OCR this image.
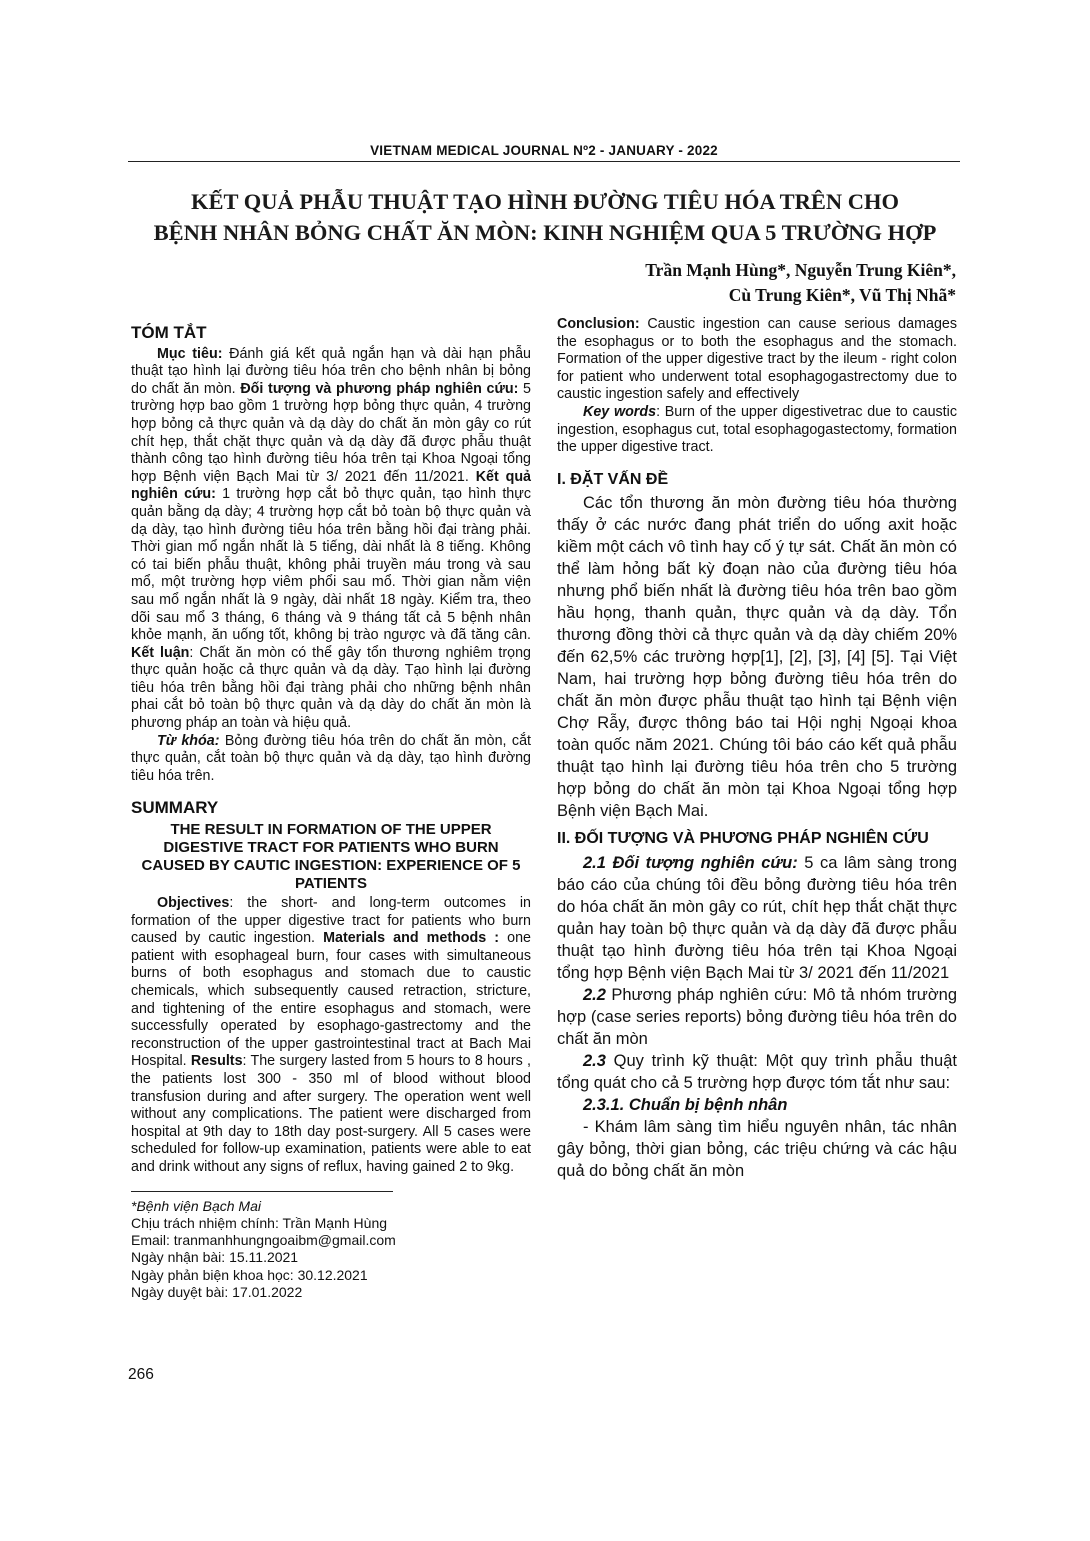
VIETNAM MEDICAL JOURNAL Nº2 - JANUARY - 2022
KẾT QUẢ PHẪU THUẬT TẠO HÌNH ĐƯỜNG TIÊU HÓA TRÊN CHO
BỆNH NHÂN BỎNG CHẤT ĂN MÒN: KINH NGHIỆM QUA 5 TRƯỜNG HỢP
Trần Mạnh Hùng*, Nguyễn Trung Kiên*,
Cù Trung Kiên*, Vũ Thị Nhã*
TÓM TẮT

Mục tiêu: Đánh giá kết quả ngắn hạn và dài hạn phẫu thuật tạo hình lại đường tiêu hóa trên cho bệnh nhân bị bỏng do chất ăn mòn. Đối tượng và phương pháp nghiên cứu: 5 trường hợp bao gồm 1 trường hợp bỏng thực quản, 4 trường hợp bỏng cả thực quản và dạ dày do chất ăn mòn gây co rút chít hẹp, thắt chặt thực quản và dạ dày đã được phẫu thuật thành công tạo hình đường tiêu hóa trên tại Khoa Ngoại tổng hợp Bệnh viện Bạch Mai từ 3/ 2021 đến 11/2021. Kết quả nghiên cứu: 1 trường hợp cắt bỏ thực quản, tạo hình thực quản bằng dạ dày; 4 trường hợp cắt bỏ toàn bộ thực quản và dạ dày, tạo hình đường tiêu hóa trên bằng hồi đại tràng phải. Thời gian mổ ngắn nhất là 5 tiếng, dài nhất là 8 tiếng. Không có tai biến phẫu thuật, không phải truyền máu trong và sau mổ, một trường hợp viêm phổi sau mổ. Thời gian nằm viện sau mổ ngắn nhất là 9 ngày, dài nhất 18 ngày. Kiểm tra, theo dõi sau mổ 3 tháng, 6 tháng và 9 tháng tất cả 5 bệnh nhân khỏe mạnh, ăn uống tốt, không bị trào ngược và đã tăng cân. Kết luận: Chất ăn mòn có thể gây tổn thương nghiêm trọng thực quản hoặc cả thực quản và dạ dày. Tạo hình lại đường tiêu hóa trên bằng hồi đại tràng phải cho những bệnh nhân phai cắt bỏ toàn bộ thực quản và dạ dày do chất ăn mòn là phương pháp an toàn và hiệu quả.

Từ khóa: Bỏng đường tiêu hóa trên do chất ăn mòn, cắt thực quản, cắt toàn bộ thực quản và dạ dày, tạo hình đường tiêu hóa trên.

SUMMARY
THE RESULT IN FORMATION OF THE UPPER DIGESTIVE TRACT FOR PATIENTS WHO BURN CAUSED BY CAUTIC INGESTION: EXPERIENCE OF 5 PATIENTS

Objectives: the short- and long-term outcomes in formation of the upper digestive tract for patients who burn caused by cautic ingestion. Materials and methods : one patient with esophageal burn, four cases with simultaneous burns of both esophagus and stomach due to caustic chemicals, which subsequently caused retraction, stricture, and tightening of the entire esophagus and stomach, were successfully operated by esophago-gastrectomy and the reconstruction of the upper gastrointestinal tract at Bach Mai Hospital. Results: The surgery lasted from 5 hours to 8 hours , the patients lost 300 - 350 ml of blood without blood transfusion during and after surgery. The operation went well without any complications. The patient were discharged from hospital at 9th day to 18th day post-surgery. All 5 cases were scheduled for follow-up examination, patients were able to eat and drink without any signs of reflux, having gained 2 to 9kg.

*Bệnh viện Bạch Mai
Chịu trách nhiệm chính: Trần Mạnh Hùng
Email: tranmanhhungngoaibm@gmail.com
Ngày nhận bài: 15.11.2021
Ngày phản biện khoa học: 30.12.2021
Ngày duyệt bài: 17.01.2022

Conclusion: Caustic ingestion can cause serious damages the esophagus or to both the esophagus and the stomach. Formation of the upper digestive tract by the ileum - right colon for patient who underwent total esophagogastrectomy due to caustic ingestion safely and effectively

Key words: Burn of the upper digestivetrac due to caustic ingestion, esophagus cut, total esophagogastectomy, formation the upper digestive tract.

I. ĐẶT VẤN ĐỀ

Các tổn thương ăn mòn đường tiêu hóa thường thấy ở các nước đang phát triển do uống axit hoặc kiềm một cách vô tình hay cố ý tự sát. Chất ăn mòn có thể làm hỏng bất kỳ đoạn nào của đường tiêu hóa nhưng phổ biến nhất là đường tiêu hóa trên bao gồm hầu họng, thanh quản, thực quản và dạ dày. Tổn thương đồng thời cả thực quản và dạ dày chiếm 20% đến 62,5% các trường hợp[1], [2], [3], [4] [5]. Tại Việt Nam, hai trường hợp bỏng đường tiêu hóa trên do chất ăn mòn được phẫu thuật tạo hình tại Bệnh viện Chợ Rẫy, được thông báo tai Hội nghị Ngoại khoa toàn quốc năm 2021. Chúng tôi báo cáo kết quả phẫu thuật tạo hình lại đường tiêu hóa trên cho 5 trường hợp bỏng do chất ăn mòn tại Khoa Ngoại tổng hợp Bệnh viện Bạch Mai.

II. ĐỐI TƯỢNG VÀ PHƯƠNG PHÁP NGHIÊN CỨU

2.1 Đối tượng nghiên cứu: 5 ca lâm sàng trong báo cáo của chúng tôi đều bỏng đường tiêu hóa trên do hóa chất ăn mòn gây co rút, chít hẹp thắt chặt thực quản hay toàn bộ thực quản và dạ dày đã được phẫu thuật tạo hình đường tiêu hóa trên tại Khoa Ngoại tổng hợp Bệnh viện Bạch Mai từ 3/ 2021 đến 11/2021

2.2 Phương pháp nghiên cứu: Mô tả nhóm trường hợp (case series reports) bỏng đường tiêu hóa trên do chất ăn mòn

2.3 Quy trình kỹ thuật: Một quy trình phẫu thuật tổng quát cho cả 5 trường hợp được tóm tắt như sau:

2.3.1. Chuẩn bị bệnh nhân

- Khám lâm sàng tìm hiểu nguyên nhân, tác nhân gây bỏng, thời gian bỏng, các triệu chứng và các hậu quả do bỏng chất ăn mòn

266
